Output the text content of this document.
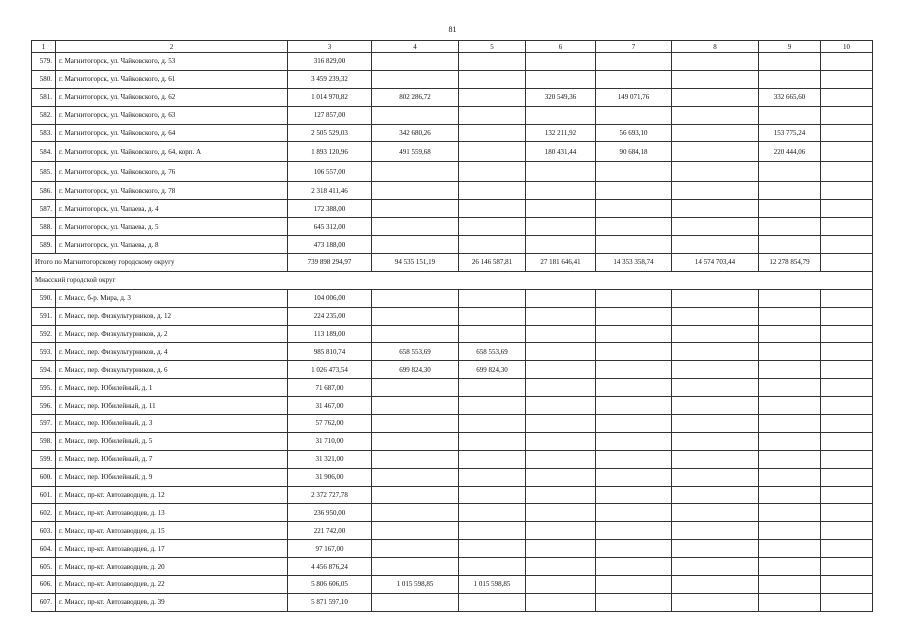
81
1	2	3	4	5	6	7	8	9	10
579.	г. Магнитогорск, ул. Чайковского, д. 53	316 829,00							
580.	г. Магнитогорск, ул. Чайковского, д. 61	3 459 239,32							
581.	г. Магнитогорск, ул. Чайковского, д. 62	1 014 970,82	802 286,72		320 549,36	149 071,76		332 665,60	
582.	г. Магнитогорск, ул. Чайковского, д. 63	127 857,00							
583.	г. Магнитогорск, ул. Чайковского, д. 64	2 505 529,03	342 680,26		132 211,92	56 693,10		153 775,24	
584.	г. Магнитогорск, ул. Чайковского, д. 64, корп. А	1 893 120,96	491 559,68		180 431,44	90 684,18		220 444,06	
585.	г. Магнитогорск, ул. Чайковского, д. 76	106 557,00							
586.	г. Магнитогорск, ул. Чайковского, д. 78	2 318 411,46							
587.	г. Магнитогорск, ул. Чапаева, д. 4	172 388,00							
588.	г. Магнитогорск, ул. Чапаева, д. 5	645 312,00							
589.	г. Магнитогорск, ул. Чапаева, д. 8	473 188,00							
Итого по Магнитогорскому городскому округу		739 898 294,97	94 535 151,19	26 146 587,81	27 181 646,41	14 353 358,74	14 574 703,44	12 278 854,79	
Миасский городской округ									
590.	г. Миасс, б-р. Мира, д. 3	104 006,00							
591.	г. Миасс, пер. Физкультурников, д. 12	224 235,00							
592.	г. Миасс, пер. Физкультурников, д. 2	113 189,00							
593.	г. Миасс, пер. Физкультурников, д. 4	985 810,74	658 553,69	658 553,69					
594.	г. Миасс, пер. Физкультурников, д. 6	1 026 473,54	699 824,30	699 824,30					
595.	г. Миасс, пер. Юбилейный, д. 1	71 687,00							
596.	г. Миасс, пер. Юбилейный, д. 11	31 467,00							
597.	г. Миасс, пер. Юбилейный, д. 3	57 762,00							
598.	г. Миасс, пер. Юбилейный, д. 5	31 710,00							
599.	г. Миасс, пер. Юбилейный, д. 7	31 321,00							
600.	г. Миасс, пер. Юбилейный, д. 9	31 906,00							
601.	г. Миасс, пр-кт. Автозаводцев, д. 12	2 372 727,78							
602.	г. Миасс, пр-кт. Автозаводцев, д. 13	236 950,00							
603.	г. Миасс, пр-кт. Автозаводцев, д. 15	221 742,00							
604.	г. Миасс, пр-кт. Автозаводцев, д. 17	97 167,00							
605.	г. Миасс, пр-кт. Автозаводцев, д. 20	4 456 876,24							
606.	г. Миасс, пр-кт. Автозаводцев, д. 22	5 806 606,05	1 015 598,85	1 015 598,85					
607.	г. Миасс, пр-кт. Автозаводцев, д. 39	5 871 597,10							
